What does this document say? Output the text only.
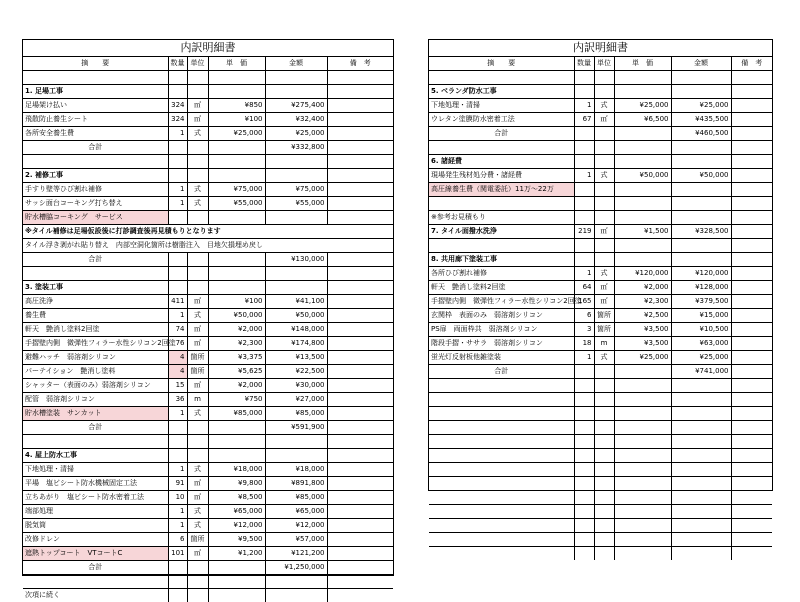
内訳明細書
摘　　要	数量	単位	単　価	金額	備　考

1. 足場工事					
足場架け払い	324	㎡	¥850	¥275,400	
飛散防止養生シート	324	㎡	¥100	¥32,400	
各所安全養生費	1	式	¥25,000	¥25,000	
合計				¥332,800	

2. 補修工事					
手すり壁等ひび割れ補修	1	式	¥75,000	¥75,000	
サッシ面台コーキング打ち替え	1	式	¥55,000	¥55,000	
貯水槽脇コーキング　サービス					
※タイル補修は足場仮設後に打診調査後再見積もりとなります					
タイル浮き剥がれ貼り替え　内部空洞化箇所は樹脂注入　目地欠損埋め戻し					
合計				¥130,000	

3. 塗装工事					
高圧洗浄	411	㎡	¥100	¥41,100	
養生費	1	式	¥50,000	¥50,000	
軒天　艶消し塗料2回塗	74	㎡	¥2,000	¥148,000	
手摺壁内側　微弾性フィラー水性シリコン2回塗	76	㎡	¥2,300	¥174,800	
避難ハッチ　弱溶剤シリコン	4	箇所	¥3,375	¥13,500	
パーテイション　艶消し塗料	4	箇所	¥5,625	¥22,500	
シャッター（表面のみ）弱溶剤シリコン	15	㎡	¥2,000	¥30,000	
配管　弱溶剤シリコン	36	m	¥750	¥27,000	
貯水槽塗装　サンカット	1	式	¥85,000	¥85,000	
合計				¥591,900	

4. 屋上防水工事					
下地処理・清掃	1	式	¥18,000	¥18,000	
平場　塩ビシート防水機械固定工法	91	㎡	¥9,800	¥891,800	
立ちあがり　塩ビシート防水密着工法	10	㎡	¥8,500	¥85,000	
端部処理	1	式	¥65,000	¥65,000	
脱気筒	1	式	¥12,000	¥12,000	
改修ドレン	6	箇所	¥9,500	¥57,000	
遮熱トップコート　VTコートC	101	㎡	¥1,200	¥121,200	
合計				¥1,250,000	

次項に続く					
内訳明細書
摘　　要	数量	単位	単　価	金額	備　考

5. ベランダ防水工事					
下地処理・清掃	1	式	¥25,000	¥25,000	
ウレタン塗膜防水密着工法	67	㎡	¥6,500	¥435,500	
合計				¥460,500	

6. 諸経費					
現場発生残材処分費・諸経費	1	式	¥50,000	¥50,000	
高圧線養生費（関電委託）11万～22万					

※参考お見積もり					
7. タイル面撥水洗浄	219	㎡	¥1,500	¥328,500	

8. 共用廊下塗装工事					
各所ひび割れ補修	1	式	¥120,000	¥120,000	
軒天　艶消し塗料2回塗	64	㎡	¥2,000	¥128,000	
手摺壁内側　微弾性フィラー水性シリコン2回塗	165	㎡	¥2,300	¥379,500	
玄関枠　表面のみ　弱溶剤シリコン	6	箇所	¥2,500	¥15,000	
PS扉　両面枠共　弱溶剤シリコン	3	箇所	¥3,500	¥10,500	
階段手摺・ササラ　弱溶剤シリコン	18	m	¥3,500	¥63,000	
蛍光灯反射板他雑塗装	1	式	¥25,000	¥25,000	
合計				¥741,000	
